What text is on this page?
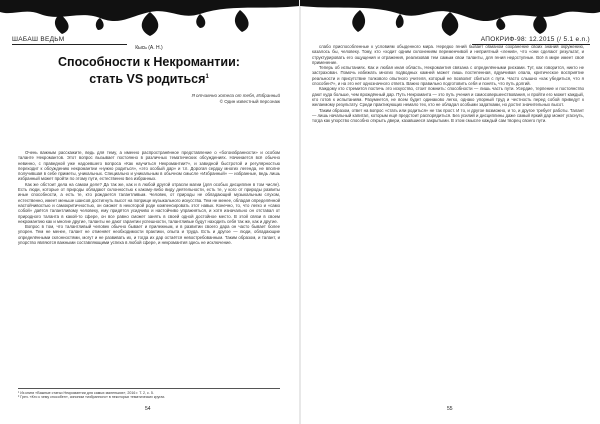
ШАБАШ ВЕДЬМ
Кысь (А. Н.)
Способности к Некромантии:
стать VS родиться$^1$
Я отчаянно хотела от тебя, Избранный
© Один известный персонаж

Очень важным расскажите, ведь для тему, а именно распространённое представление о «богоизбранности» и особом таланте Некромантов. Этот вопрос вызывает постоянно в различных тематических обсуждениях. Начинается всё обычно невинно, с праведной уже надоевшего вопроса «Как научиться Некромантии?», и завидной быстротой и регулярностью переходит к обсуждению некромантии «нужно родиться», «это особый дар» и т.п. Дорогая сердцу многих легенда, не вполне получившая в себе приметы, уникальных. Специально и уникальным в обычном смысле «Избранный» — избранные, ведь лишь избранный может пройти по этому пути, естественно Без избранных.

Как же обстоит дела на самом деле? Да так же, как и в любой другой отрасли магии (для особых дисциплин в том числе). Есть люди, которые от природы обладают склонностью к какому-либо виду деятельности, есть те, у кого от природы развиты иные способности, а есть те, кто рождается талантливым. Человек, от природы не обладающий музыкальным слухом, естественно, имеет меньше шансов достигнуть высот на поприще музыкального искусства. Тем не менее, обладая определённой настойчивостью и самокритичностью, он сможет в некоторой роде компенсировать этот навык. Конечно, то, что легко и «само собой» даётся талантливому человеку, ему придётся усидчиво и настойчиво упражняться, и хотя изначально он отставал от природного таланта в какой-то сфере, он все равно сможет занять в своей одной достойное место. В этой связи в своем некромантию как и многие другие, таланты не дают гарантии успешности, талантливые будут находить себя так же, как и другие.

Вопрос в том, что талантливый человек обычно бывает и прилежным, и в развитии своего дара он часто бывает более упорен. Тем не менее, талант не отменяет необходимости практики, опыта и труда. Есть и другое — люди, обладающие определёнными склонностями, могут и не развивать их, и тогда их дар остаётся невостребованным. Таким образом, и талант, и упорство являются важными составляющими успеха в любой сфере, и некромантия здесь не исключение.

¹ Из книги «Важные статьи Некромантии для самых маленьких», 2016 г. Т. 2, с. 5.
² Греч. «Кто к чему способен», синоним «избранного» в некоторых тематических кругах.
54
АПОКРИФ-98: 12.2015 (/ 5.1 e.n.)

слабо приспособленные к условиям обыденного мира. Нередко гений бывает обманом сохранение своих знаний окружению, казалось бы, человеку. Тому, кто «ходит одним склонениям переменчивой и неприятный «ленив», что «они сделают результат, и структурировать его ощущения и отражения, реализовав тем самым свои таланты, для гения недоступные. Всё в мире имеет своё применение.

Теперь об испытаниях. Как и любая иная область, Некромантия связана с определёнными рисками. Тут, как говорится, никто не застрахован. Помочь избежать многих подводных камней может лишь постепенная, вдумчивая опала, критическое восприятие реальности и присутствие толкового опытного учителя, который не позволит сбиться с пути. Часто слышно «как убедиться, что я способен?», и на это нет однозначного ответа. Важно правильно подготовить себя и понять, что путь долгий.

Каждому кто стремится постичь это искусство, стоит помнить: способности — лишь часть пути. Усердие, терпение и постоянство дают куда больше, чем врождённый дар. Путь Некроманта — это путь учения и самосовершенствования, и пройти его может каждый, кто готов к испытаниям. Разумеется, не всем будет одинаково легко, однако упорный труд и честность перед собой приведут к желаемому результату. Среди практикующих немало тех, кто не обладал особыми задатками, но достиг значительных высот.

Таким образом, ответ на вопрос «стать или родиться» не так прост. И то, и другое возможно, и то, и другое требует работы. Талант — лишь начальный капитал, которым ещё предстоит распорядиться. Без усилий и дисциплины даже самый яркий дар может угаснуть, тогда как упорство способно открыть двери, казавшиеся закрытыми. В этом смысле каждый сам творец своего пути.

55
